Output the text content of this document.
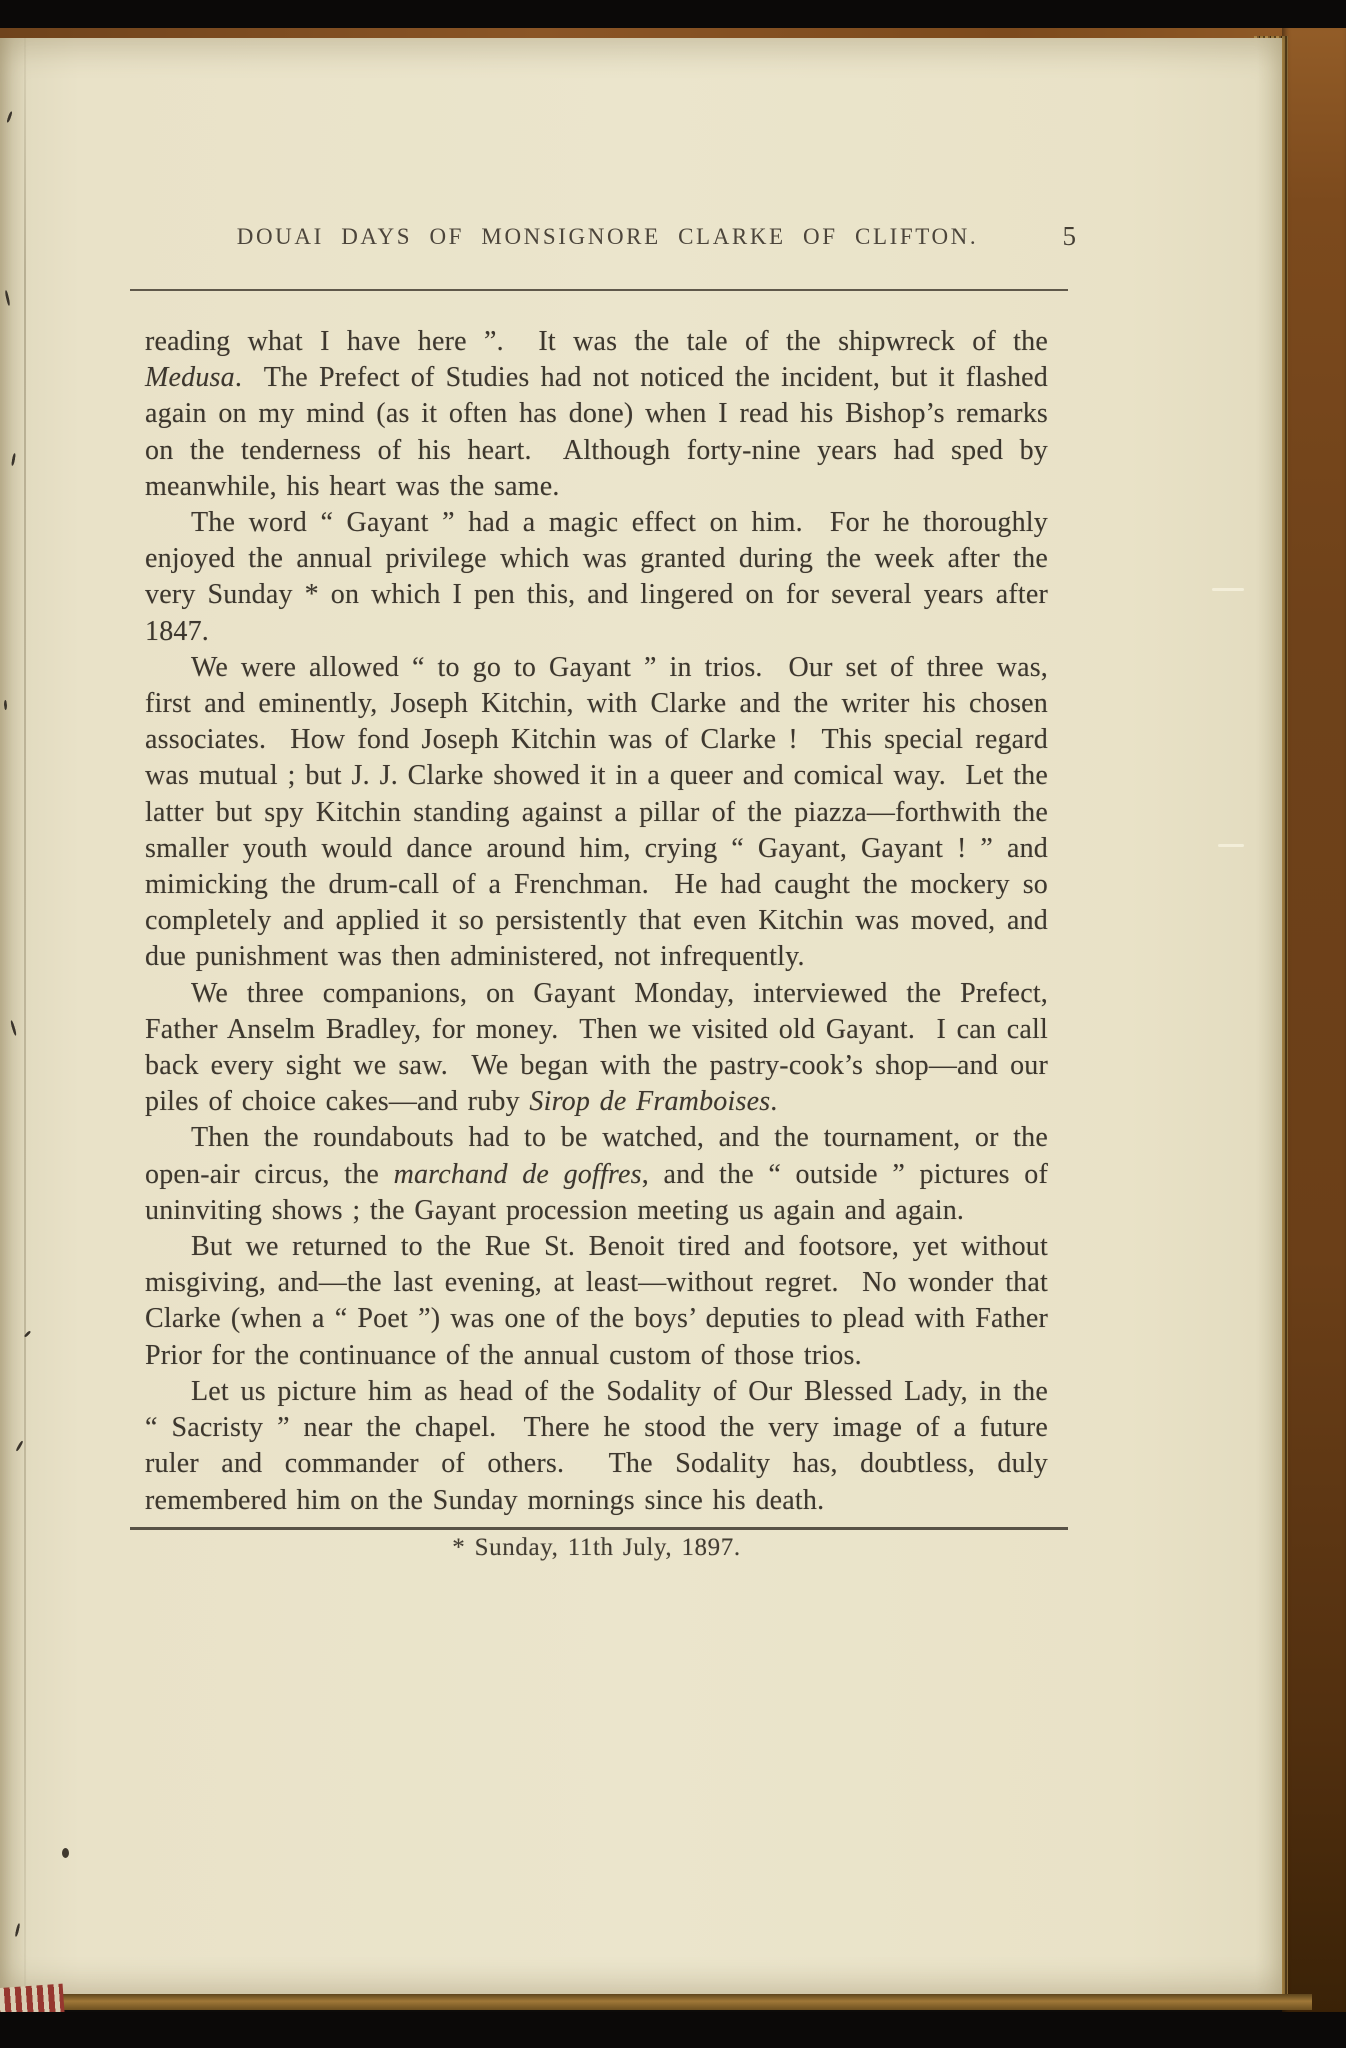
DOUAI DAYS OF MONSIGNORE CLARKE OF CLIFTON.	5

reading what I have here ”.  It was the tale of the shipwreck of the Medusa.  The Prefect of Studies had not noticed the incident, but it flashed again on my mind (as it often has done) when I read his Bishop’s remarks on the tenderness of his heart.  Although forty-nine years had sped by meanwhile, his heart was the same.

The word “ Gayant ” had a magic effect on him.  For he thoroughly enjoyed the annual privilege which was granted during the week after the very Sunday * on which I pen this, and lingered on for several years after 1847.

We were allowed “ to go to Gayant ” in trios.  Our set of three was, first and eminently, Joseph Kitchin, with Clarke and the writer his chosen associates.  How fond Joseph Kitchin was of Clarke !  This special regard was mutual ; but J. J. Clarke showed it in a queer and comical way.  Let the latter but spy Kitchin standing against a pillar of the piazza—forthwith the smaller youth would dance around him, crying “ Gayant, Gayant ! ” and mimicking the drum-call of a Frenchman.  He had caught the mockery so completely and applied it so persistently that even Kitchin was moved, and due punishment was then administered, not infrequently.

We three companions, on Gayant Monday, interviewed the Prefect, Father Anselm Bradley, for money.  Then we visited old Gayant.  I can call back every sight we saw.  We began with the pastry-cook’s shop—and our piles of choice cakes—and ruby Sirop de Framboises.

Then the roundabouts had to be watched, and the tournament, or the open-air circus, the marchand de goffres, and the “ outside ” pictures of uninviting shows ; the Gayant procession meeting us again and again.

But we returned to the Rue St. Benoit tired and footsore, yet without misgiving, and—the last evening, at least—without regret.  No wonder that Clarke (when a “ Poet ”) was one of the boys’ deputies to plead with Father Prior for the continuance of the annual custom of those trios.

Let us picture him as head of the Sodality of Our Blessed Lady, in the “ Sacristy ” near the chapel.  There he stood the very image of a future ruler and commander of others.  The Sodality has, doubtless, duly remembered him on the Sunday mornings since his death.

* Sunday, 11th July, 1897.
